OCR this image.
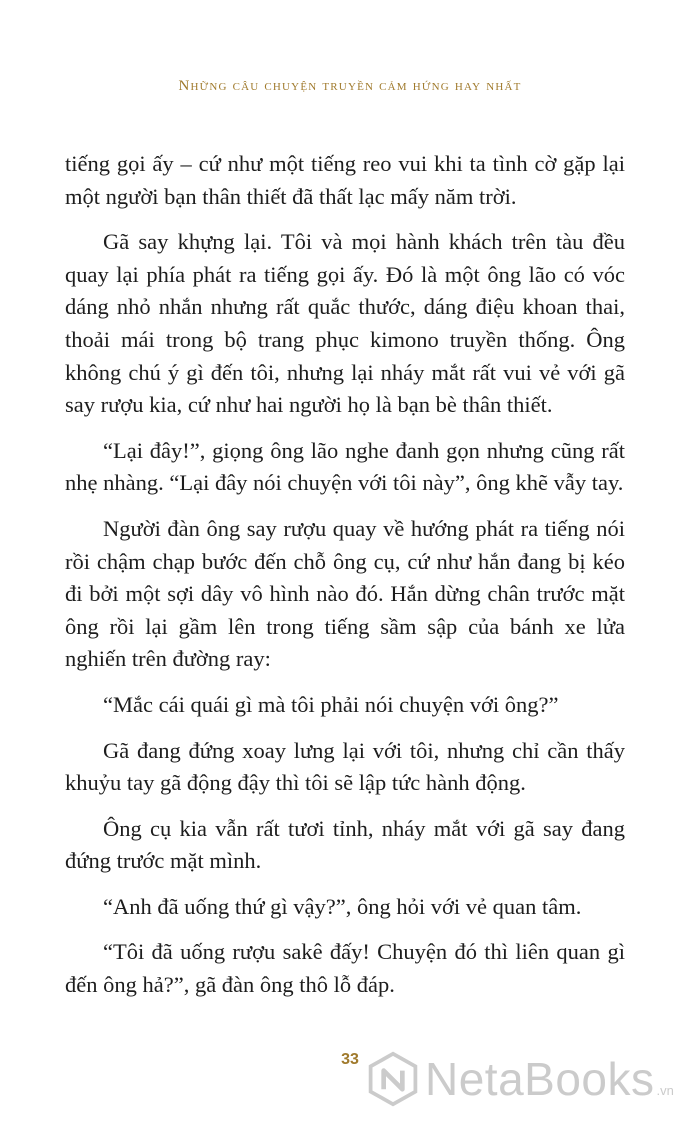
Những câu chuyện truyền cảm hứng hay nhất

tiếng gọi ấy – cứ như một tiếng reo vui khi ta tình cờ gặp lại một người bạn thân thiết đã thất lạc mấy năm trời.

Gã say khựng lại. Tôi và mọi hành khách trên tàu đều quay lại phía phát ra tiếng gọi ấy. Đó là một ông lão có vóc dáng nhỏ nhắn nhưng rất quắc thước, dáng điệu khoan thai, thoải mái trong bộ trang phục kimono truyền thống. Ông không chú ý gì đến tôi, nhưng lại nháy mắt rất vui vẻ với gã say rượu kia, cứ như hai người họ là bạn bè thân thiết.

“Lại đây!”, giọng ông lão nghe đanh gọn nhưng cũng rất nhẹ nhàng. “Lại đây nói chuyện với tôi này”, ông khẽ vẫy tay.

Người đàn ông say rượu quay về hướng phát ra tiếng nói rồi chậm chạp bước đến chỗ ông cụ, cứ như hắn đang bị kéo đi bởi một sợi dây vô hình nào đó. Hắn dừng chân trước mặt ông rồi lại gầm lên trong tiếng sầm sập của bánh xe lửa nghiến trên đường ray:

“Mắc cái quái gì mà tôi phải nói chuyện với ông?”

Gã đang đứng xoay lưng lại với tôi, nhưng chỉ cần thấy khuỷu tay gã động đậy thì tôi sẽ lập tức hành động.

Ông cụ kia vẫn rất tươi tỉnh, nháy mắt với gã say đang đứng trước mặt mình.

“Anh đã uống thứ gì vậy?”, ông hỏi với vẻ quan tâm.

“Tôi đã uống rượu sakê đấy! Chuyện đó thì liên quan gì đến ông hả?”, gã đàn ông thô lỗ đáp.

33	NetaBooks .vn
